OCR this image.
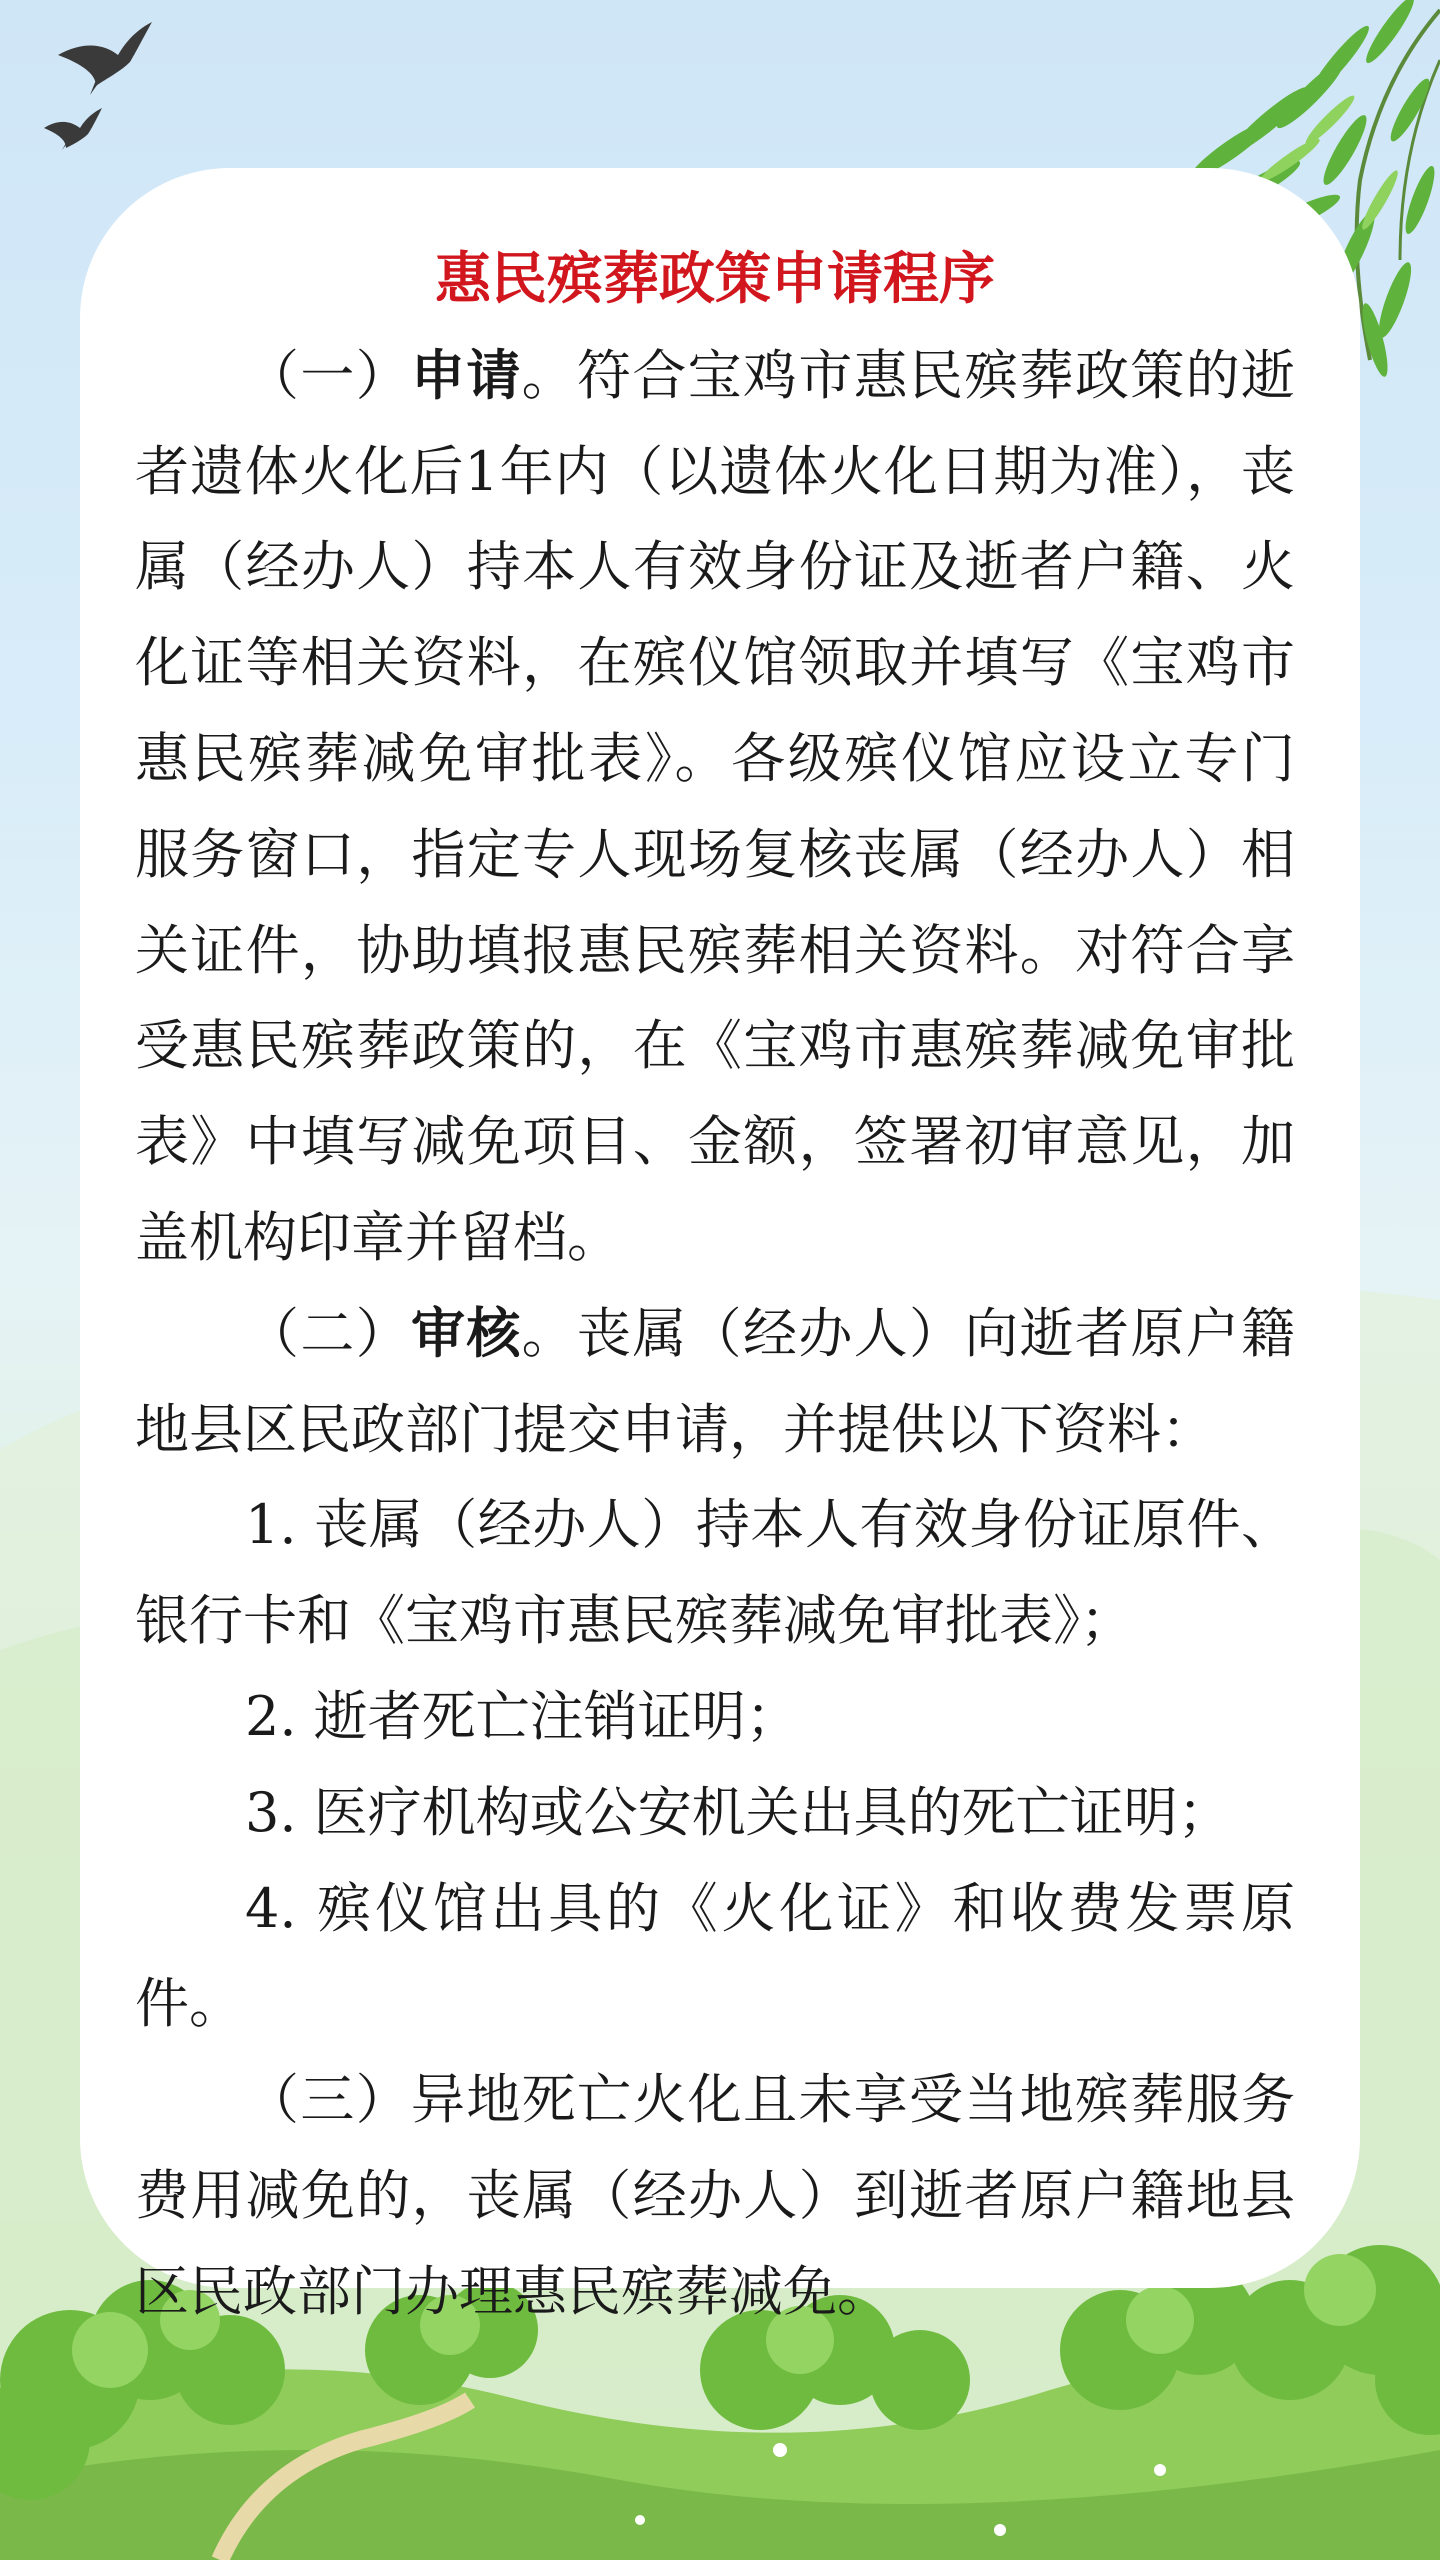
惠民殡葬政策申请程序

（一）申请。符合宝鸡市惠民殡葬政策的逝者遗体火化后1年内（以遗体火化日期为准），丧属（经办人）持本人有效身份证及逝者户籍、火化证等相关资料，在殡仪馆领取并填写《宝鸡市惠民殡葬减免审批表》。各级殡仪馆应设立专门服务窗口，指定专人现场复核丧属（经办人）相关证件，协助填报惠民殡葬相关资料。对符合享受惠民殡葬政策的，在《宝鸡市惠殡葬减免审批表》中填写减免项目、金额，签署初审意见，加盖机构印章并留档。

（二）审核。丧属（经办人）向逝者原户籍地县区民政部门提交申请，并提供以下资料：

1. 丧属（经办人）持本人有效身份证原件、银行卡和《宝鸡市惠民殡葬减免审批表》；

2. 逝者死亡注销证明；

3. 医疗机构或公安机关出具的死亡证明；

4. 殡仪馆出具的《火化证》和收费发票原件。

（三）异地死亡火化且未享受当地殡葬服务费用减免的，丧属（经办人）到逝者原户籍地县区民政部门办理惠民殡葬减免。
